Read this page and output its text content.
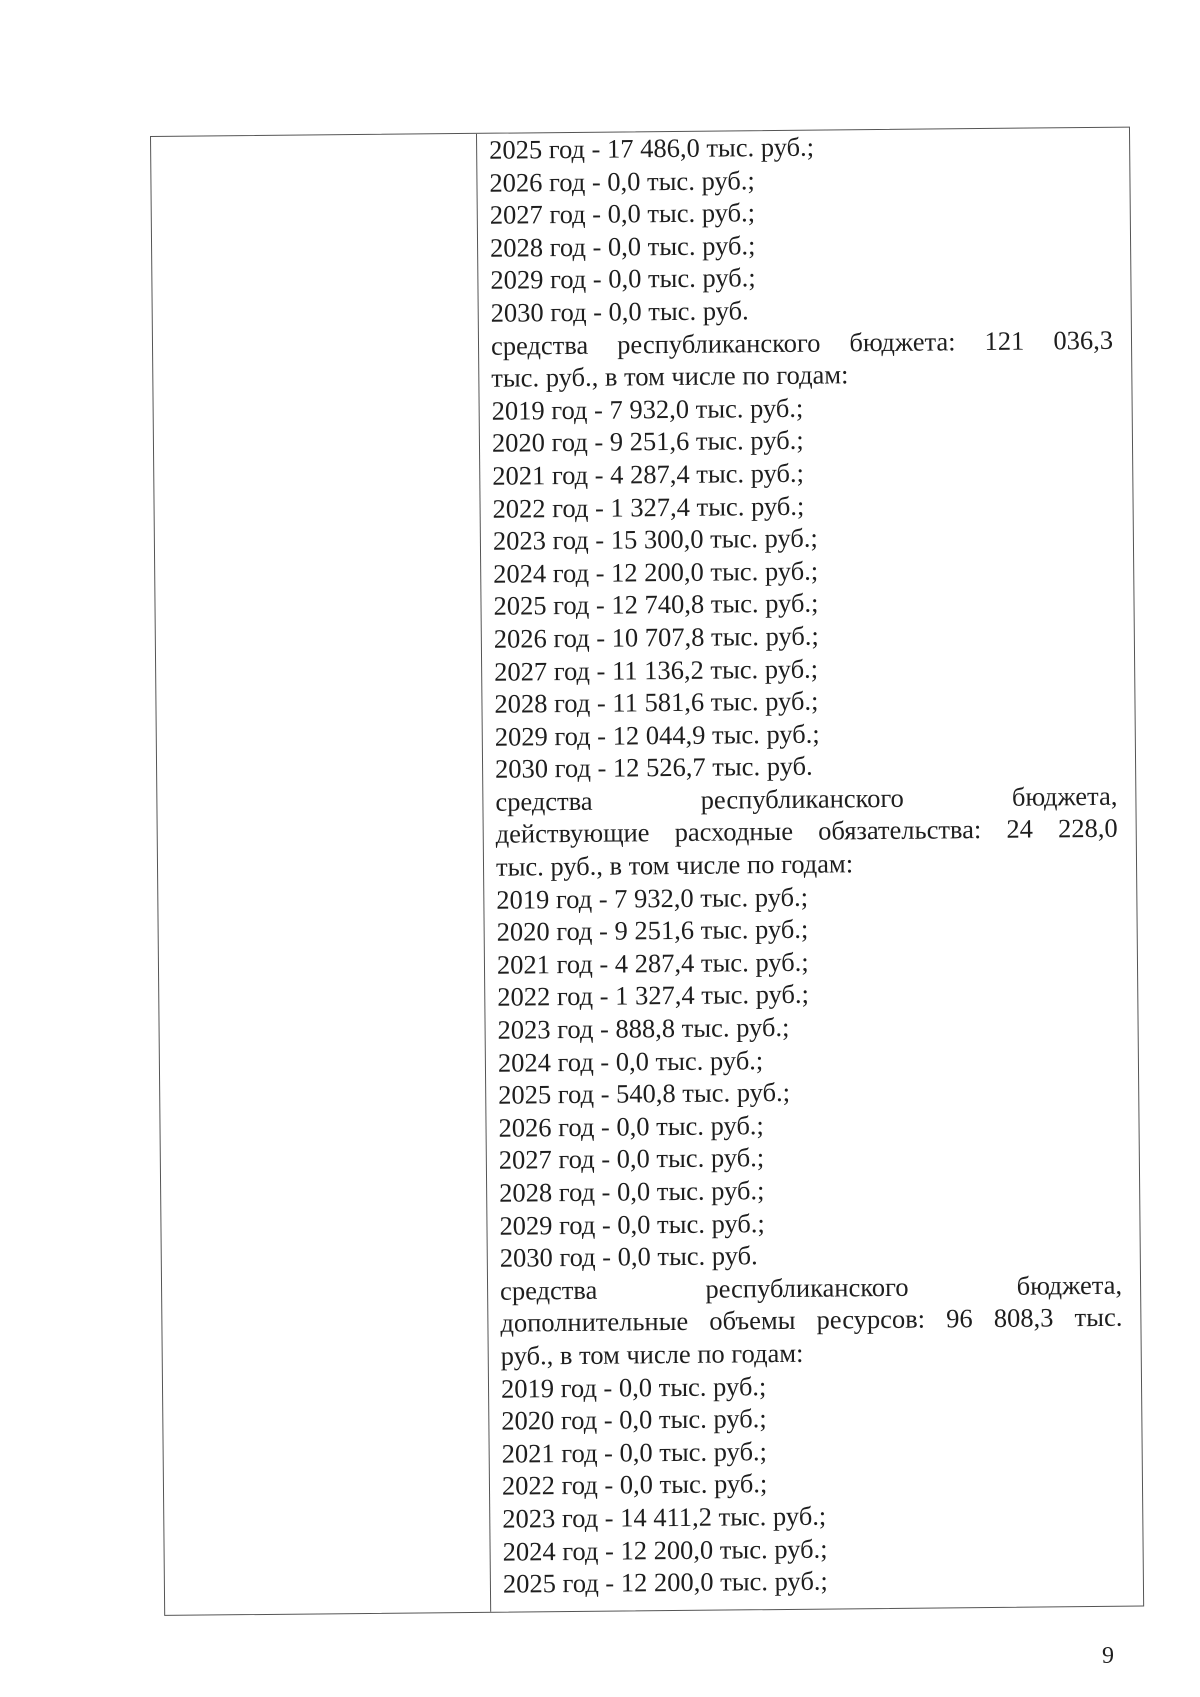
2025 год - 17 486,0 тыс. руб.;
2026 год - 0,0 тыс. руб.;
2027 год - 0,0 тыс. руб.;
2028 год - 0,0 тыс. руб.;
2029 год - 0,0 тыс. руб.;
2030 год - 0,0 тыс. руб.
средства республиканского бюджета: 121 036,3
тыс. руб., в том числе по годам:
2019 год - 7 932,0 тыс. руб.;
2020 год - 9 251,6 тыс. руб.;
2021 год - 4 287,4 тыс. руб.;
2022 год - 1 327,4 тыс. руб.;
2023 год - 15 300,0 тыс. руб.;
2024 год - 12 200,0 тыс. руб.;
2025 год - 12 740,8 тыс. руб.;
2026 год - 10 707,8 тыс. руб.;
2027 год - 11 136,2 тыс. руб.;
2028 год - 11 581,6 тыс. руб.;
2029 год - 12 044,9 тыс. руб.;
2030 год - 12 526,7 тыс. руб.
средства республиканского бюджета,
действующие расходные обязательства: 24 228,0
тыс. руб., в том числе по годам:
2019 год - 7 932,0 тыс. руб.;
2020 год - 9 251,6 тыс. руб.;
2021 год - 4 287,4 тыс. руб.;
2022 год - 1 327,4 тыс. руб.;
2023 год - 888,8 тыс. руб.;
2024 год - 0,0 тыс. руб.;
2025 год - 540,8 тыс. руб.;
2026 год - 0,0 тыс. руб.;
2027 год - 0,0 тыс. руб.;
2028 год - 0,0 тыс. руб.;
2029 год - 0,0 тыс. руб.;
2030 год - 0,0 тыс. руб.
средства республиканского бюджета,
дополнительные объемы ресурсов: 96 808,3 тыс.
руб., в том числе по годам:
2019 год - 0,0 тыс. руб.;
2020 год - 0,0 тыс. руб.;
2021 год - 0,0 тыс. руб.;
2022 год - 0,0 тыс. руб.;
2023 год - 14 411,2 тыс. руб.;
2024 год - 12 200,0 тыс. руб.;
2025 год - 12 200,0 тыс. руб.;
9
